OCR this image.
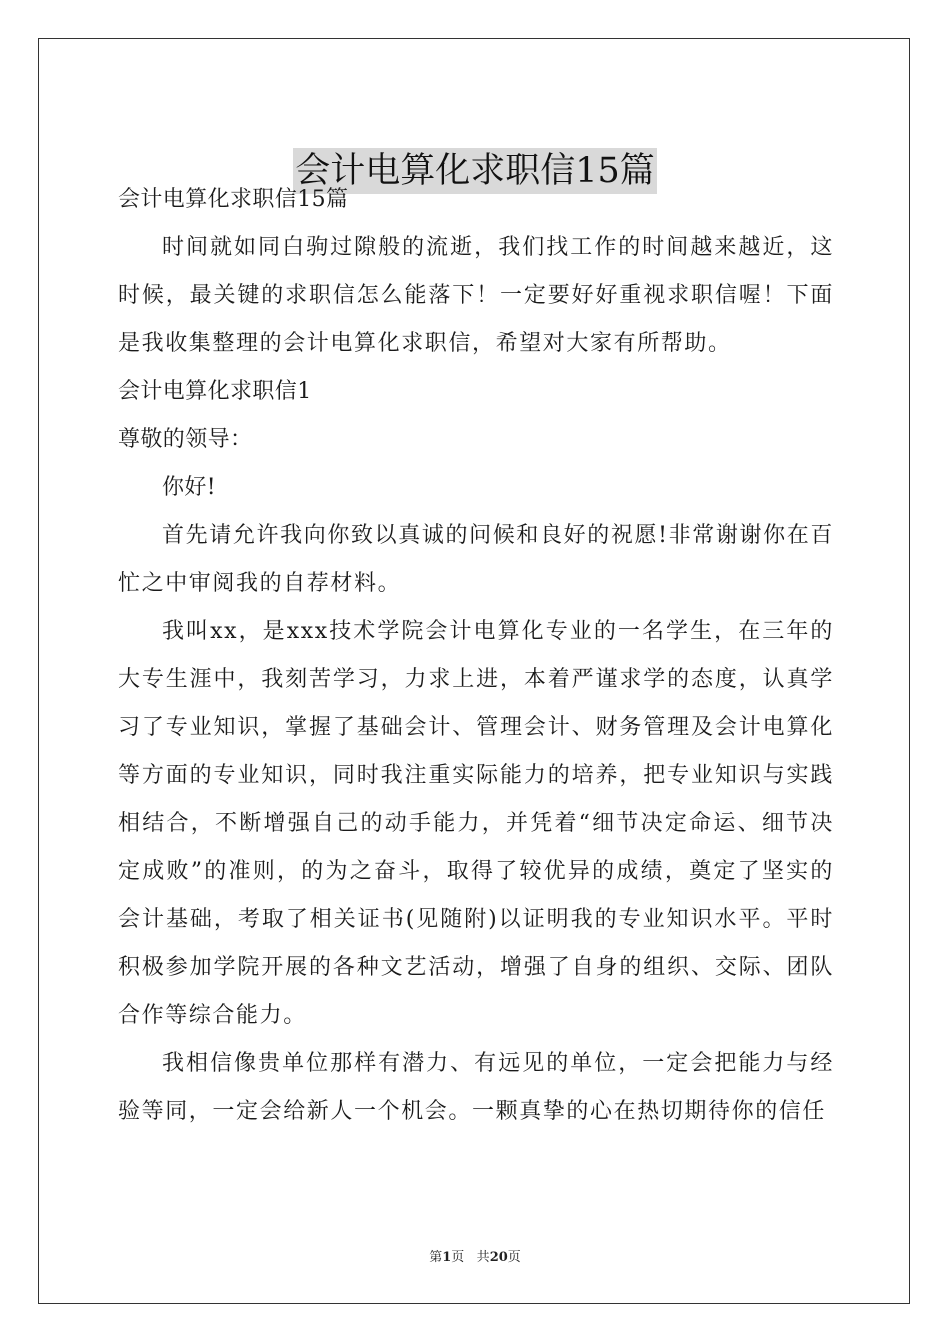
会计电算化求职信15篇
会计电算化求职信15篇
时间就如同白驹过隙般的流逝，我们找工作的时间越来越近，这时候，最关键的求职信怎么能落下！一定要好好重视求职信喔！下面是我收集整理的会计电算化求职信，希望对大家有所帮助。
会计电算化求职信1
尊敬的领导：
你好!
首先请允许我向你致以真诚的问候和良好的祝愿!非常谢谢你在百忙之中审阅我的自荐材料。
我叫xx，是xxx技术学院会计电算化专业的一名学生，在三年的大专生涯中，我刻苦学习，力求上进，本着严谨求学的态度，认真学习了专业知识，掌握了基础会计、管理会计、财务管理及会计电算化等方面的专业知识，同时我注重实际能力的培养，把专业知识与实践相结合，不断增强自己的动手能力，并凭着“细节决定命运、细节决定成败”的准则，的为之奋斗，取得了较优异的成绩，奠定了坚实的会计基础，考取了相关证书(见随附)以证明我的专业知识水平。平时积极参加学院开展的各种文艺活动，增强了自身的组织、交际、团队合作等综合能力。
我相信像贵单位那样有潜力、有远见的单位，一定会把能力与经验等同，一定会给新人一个机会。一颗真挚的心在热切期待你的信任
第1页 共20页
